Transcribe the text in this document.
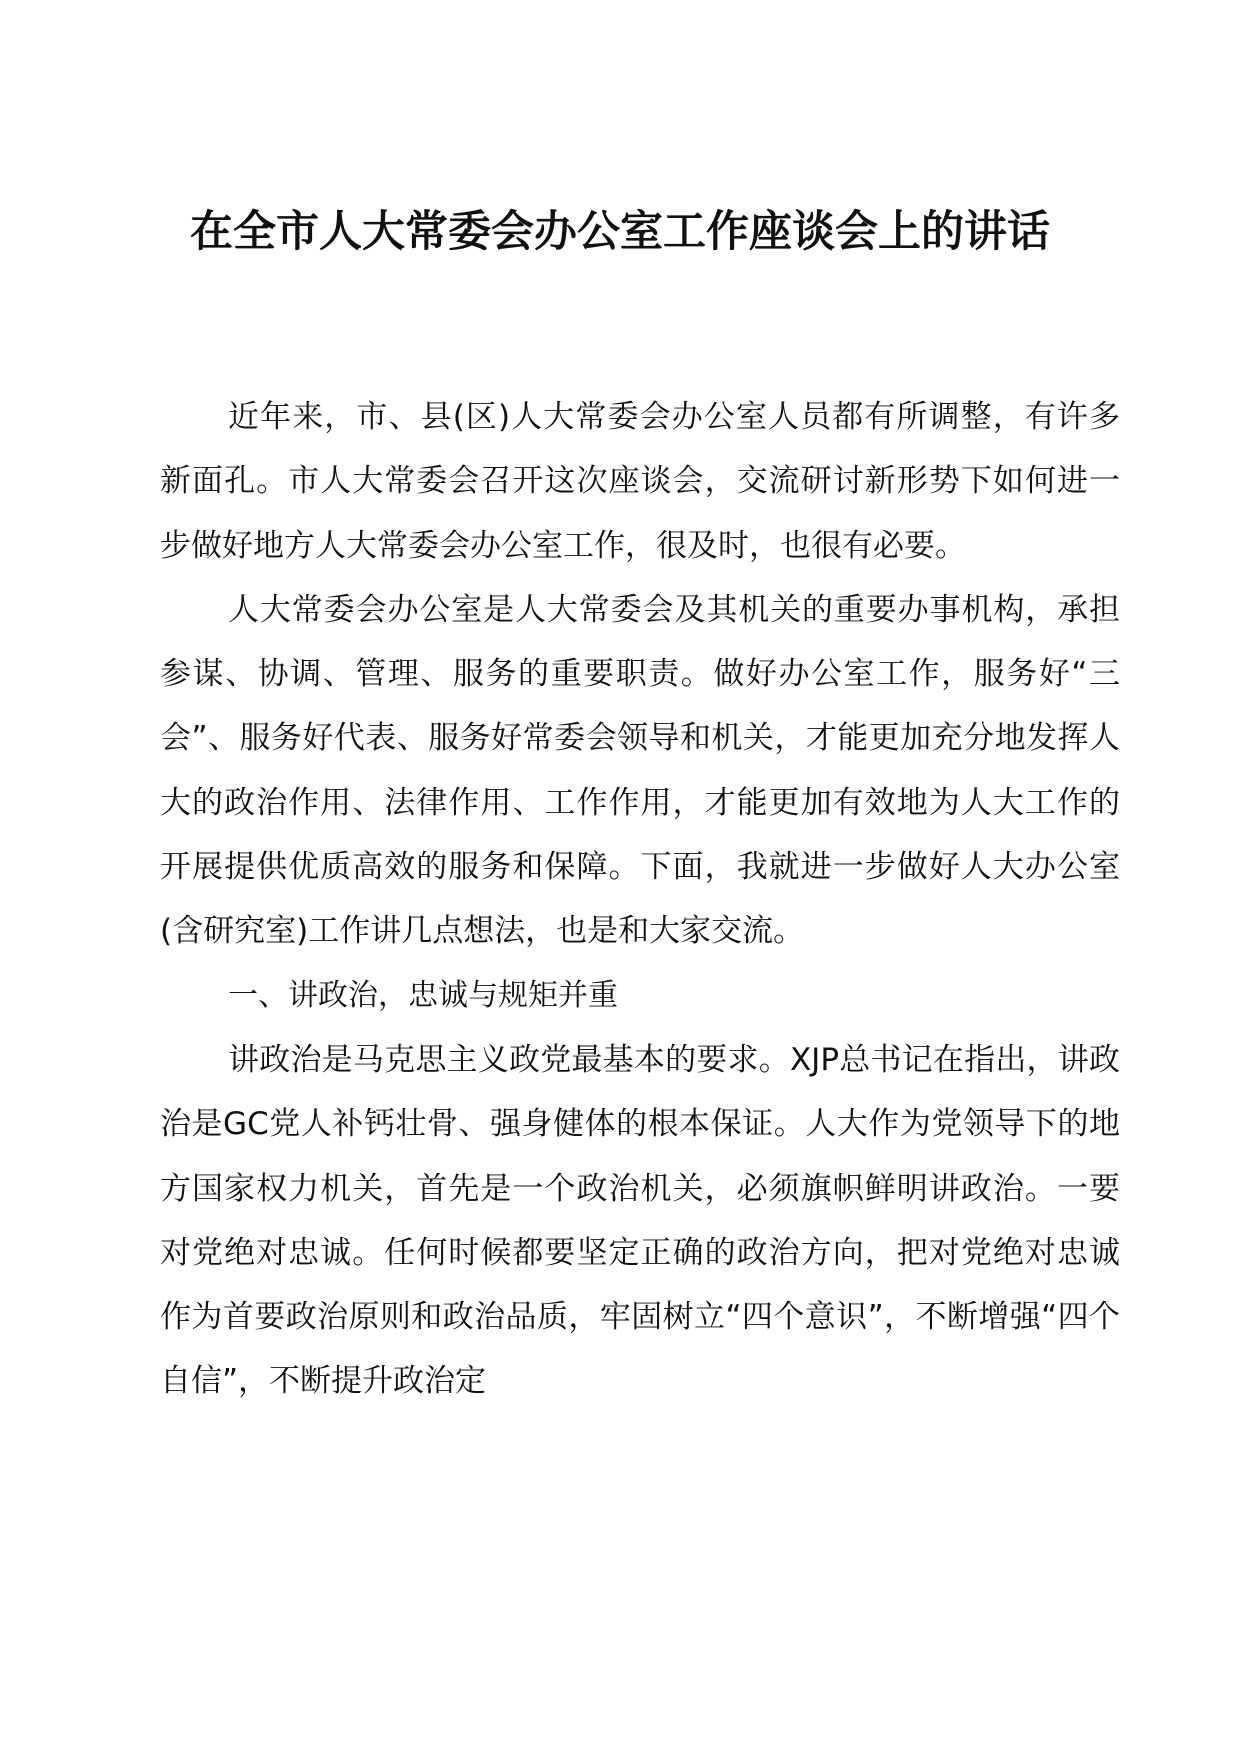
在全市人大常委会办公室工作座谈会上的讲话

近年来，市、县(区)人大常委会办公室人员都有所调整，有许多新面孔。市人大常委会召开这次座谈会，交流研讨新形势下如何进一步做好地方人大常委会办公室工作，很及时，也很有必要。

人大常委会办公室是人大常委会及其机关的重要办事机构，承担参谋、协调、管理、服务的重要职责。做好办公室工作，服务好“三会”、服务好代表、服务好常委会领导和机关，才能更加充分地发挥人大的政治作用、法律作用、工作作用，才能更加有效地为人大工作的开展提供优质高效的服务和保障。下面，我就进一步做好人大办公室(含研究室)工作讲几点想法，也是和大家交流。

一、讲政治，忠诚与规矩并重

讲政治是马克思主义政党最基本的要求。XJP总书记在指出，讲政治是GC党人补钙壮骨、强身健体的根本保证。人大作为党领导下的地方国家权力机关，首先是一个政治机关，必须旗帜鲜明讲政治。一要对党绝对忠诚。任何时候都要坚定正确的政治方向，把对党绝对忠诚作为首要政治原则和政治品质，牢固树立“四个意识”，不断增强“四个自信”，不断提升政治定
